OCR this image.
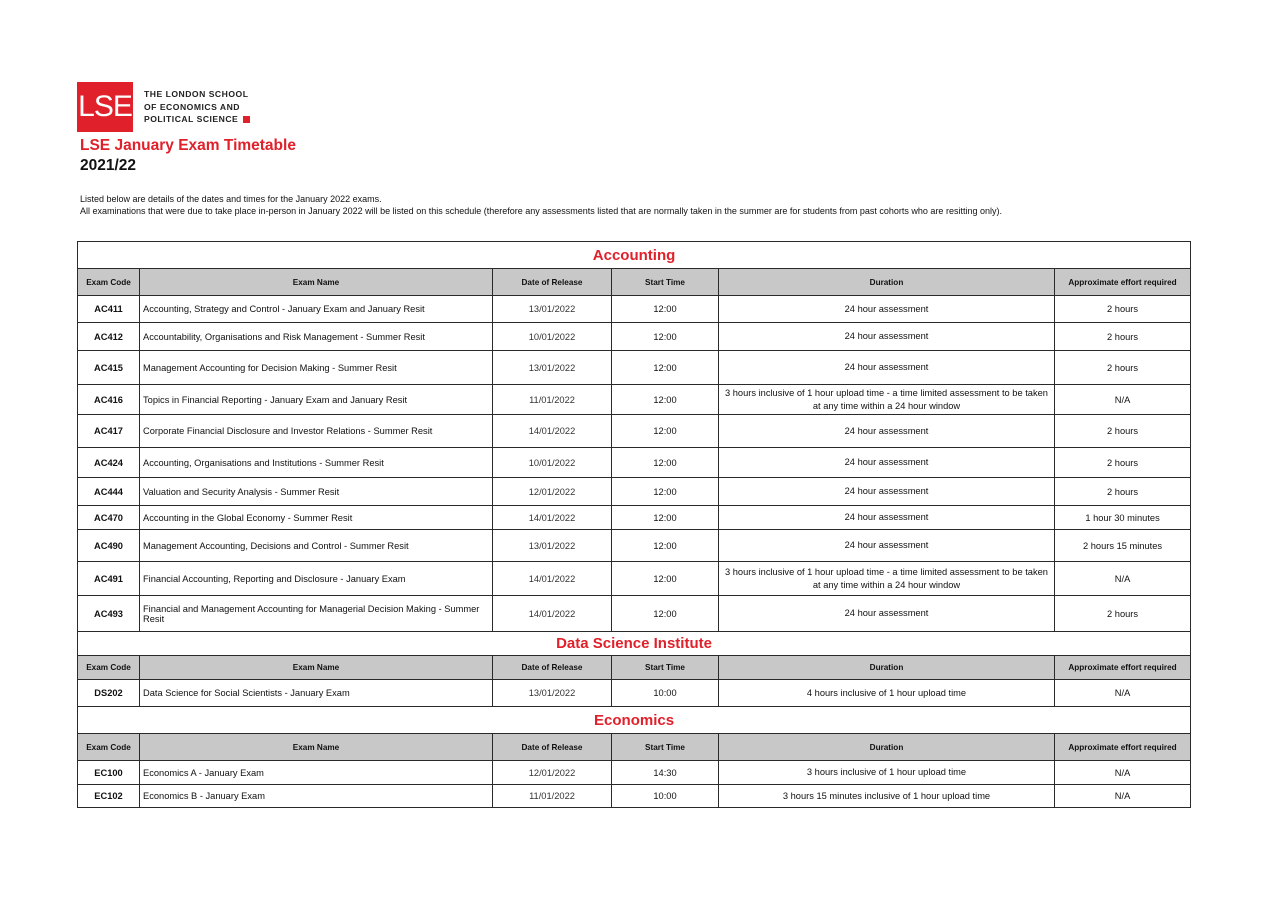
LSE THE LONDON SCHOOL
OF ECONOMICS AND
POLITICAL SCIENCE
LSE January Exam Timetable
2021/22
Listed below are details of the dates and times for the January 2022 exams.
All examinations that were due to take place in-person in January 2022 will be listed on this schedule (therefore any assessments listed that are normally taken in the summer are for students from past cohorts who are resitting only).
Accounting					
Exam Code	Exam Name	Date of Release	Start Time	Duration	Approximate effort required
AC411	Accounting, Strategy and Control - January Exam and January Resit	13/01/2022	12:00	24 hour assessment	2 hours
AC412	Accountability, Organisations and Risk Management - Summer Resit	10/01/2022	12:00	24 hour assessment	2 hours
AC415	Management Accounting for Decision Making - Summer Resit	13/01/2022	12:00	24 hour assessment	2 hours
AC416	Topics in Financial Reporting - January Exam and January Resit	11/01/2022	12:00	3 hours inclusive of 1 hour upload time - a time limited assessment to be taken at any time within a 24 hour window	N/A
AC417	Corporate Financial Disclosure and Investor Relations - Summer Resit	14/01/2022	12:00	24 hour assessment	2 hours
AC424	Accounting, Organisations and Institutions - Summer Resit	10/01/2022	12:00	24 hour assessment	2 hours
AC444	Valuation and Security Analysis - Summer Resit	12/01/2022	12:00	24 hour assessment	2 hours
AC470	Accounting in the Global Economy - Summer Resit	14/01/2022	12:00	24 hour assessment	1 hour 30 minutes
AC490	Management Accounting, Decisions and Control - Summer Resit	13/01/2022	12:00	24 hour assessment	2 hours 15 minutes
AC491	Financial Accounting, Reporting and Disclosure - January Exam	14/01/2022	12:00	3 hours inclusive of 1 hour upload time - a time limited assessment to be taken at any time within a 24 hour window	N/A
AC493	Financial and Management Accounting for Managerial Decision Making - Summer Resit	14/01/2022	12:00	24 hour assessment	2 hours
Data Science Institute					
Exam Code	Exam Name	Date of Release	Start Time	Duration	Approximate effort required
DS202	Data Science for Social Scientists - January Exam	13/01/2022	10:00	4 hours inclusive of 1 hour upload time	N/A
Economics					
Exam Code	Exam Name	Date of Release	Start Time	Duration	Approximate effort required
EC100	Economics A - January Exam	12/01/2022	14:30	3 hours inclusive of 1 hour upload time	N/A
EC102	Economics B - January Exam	11/01/2022	10:00	3 hours 15 minutes inclusive of 1 hour upload time	N/A
